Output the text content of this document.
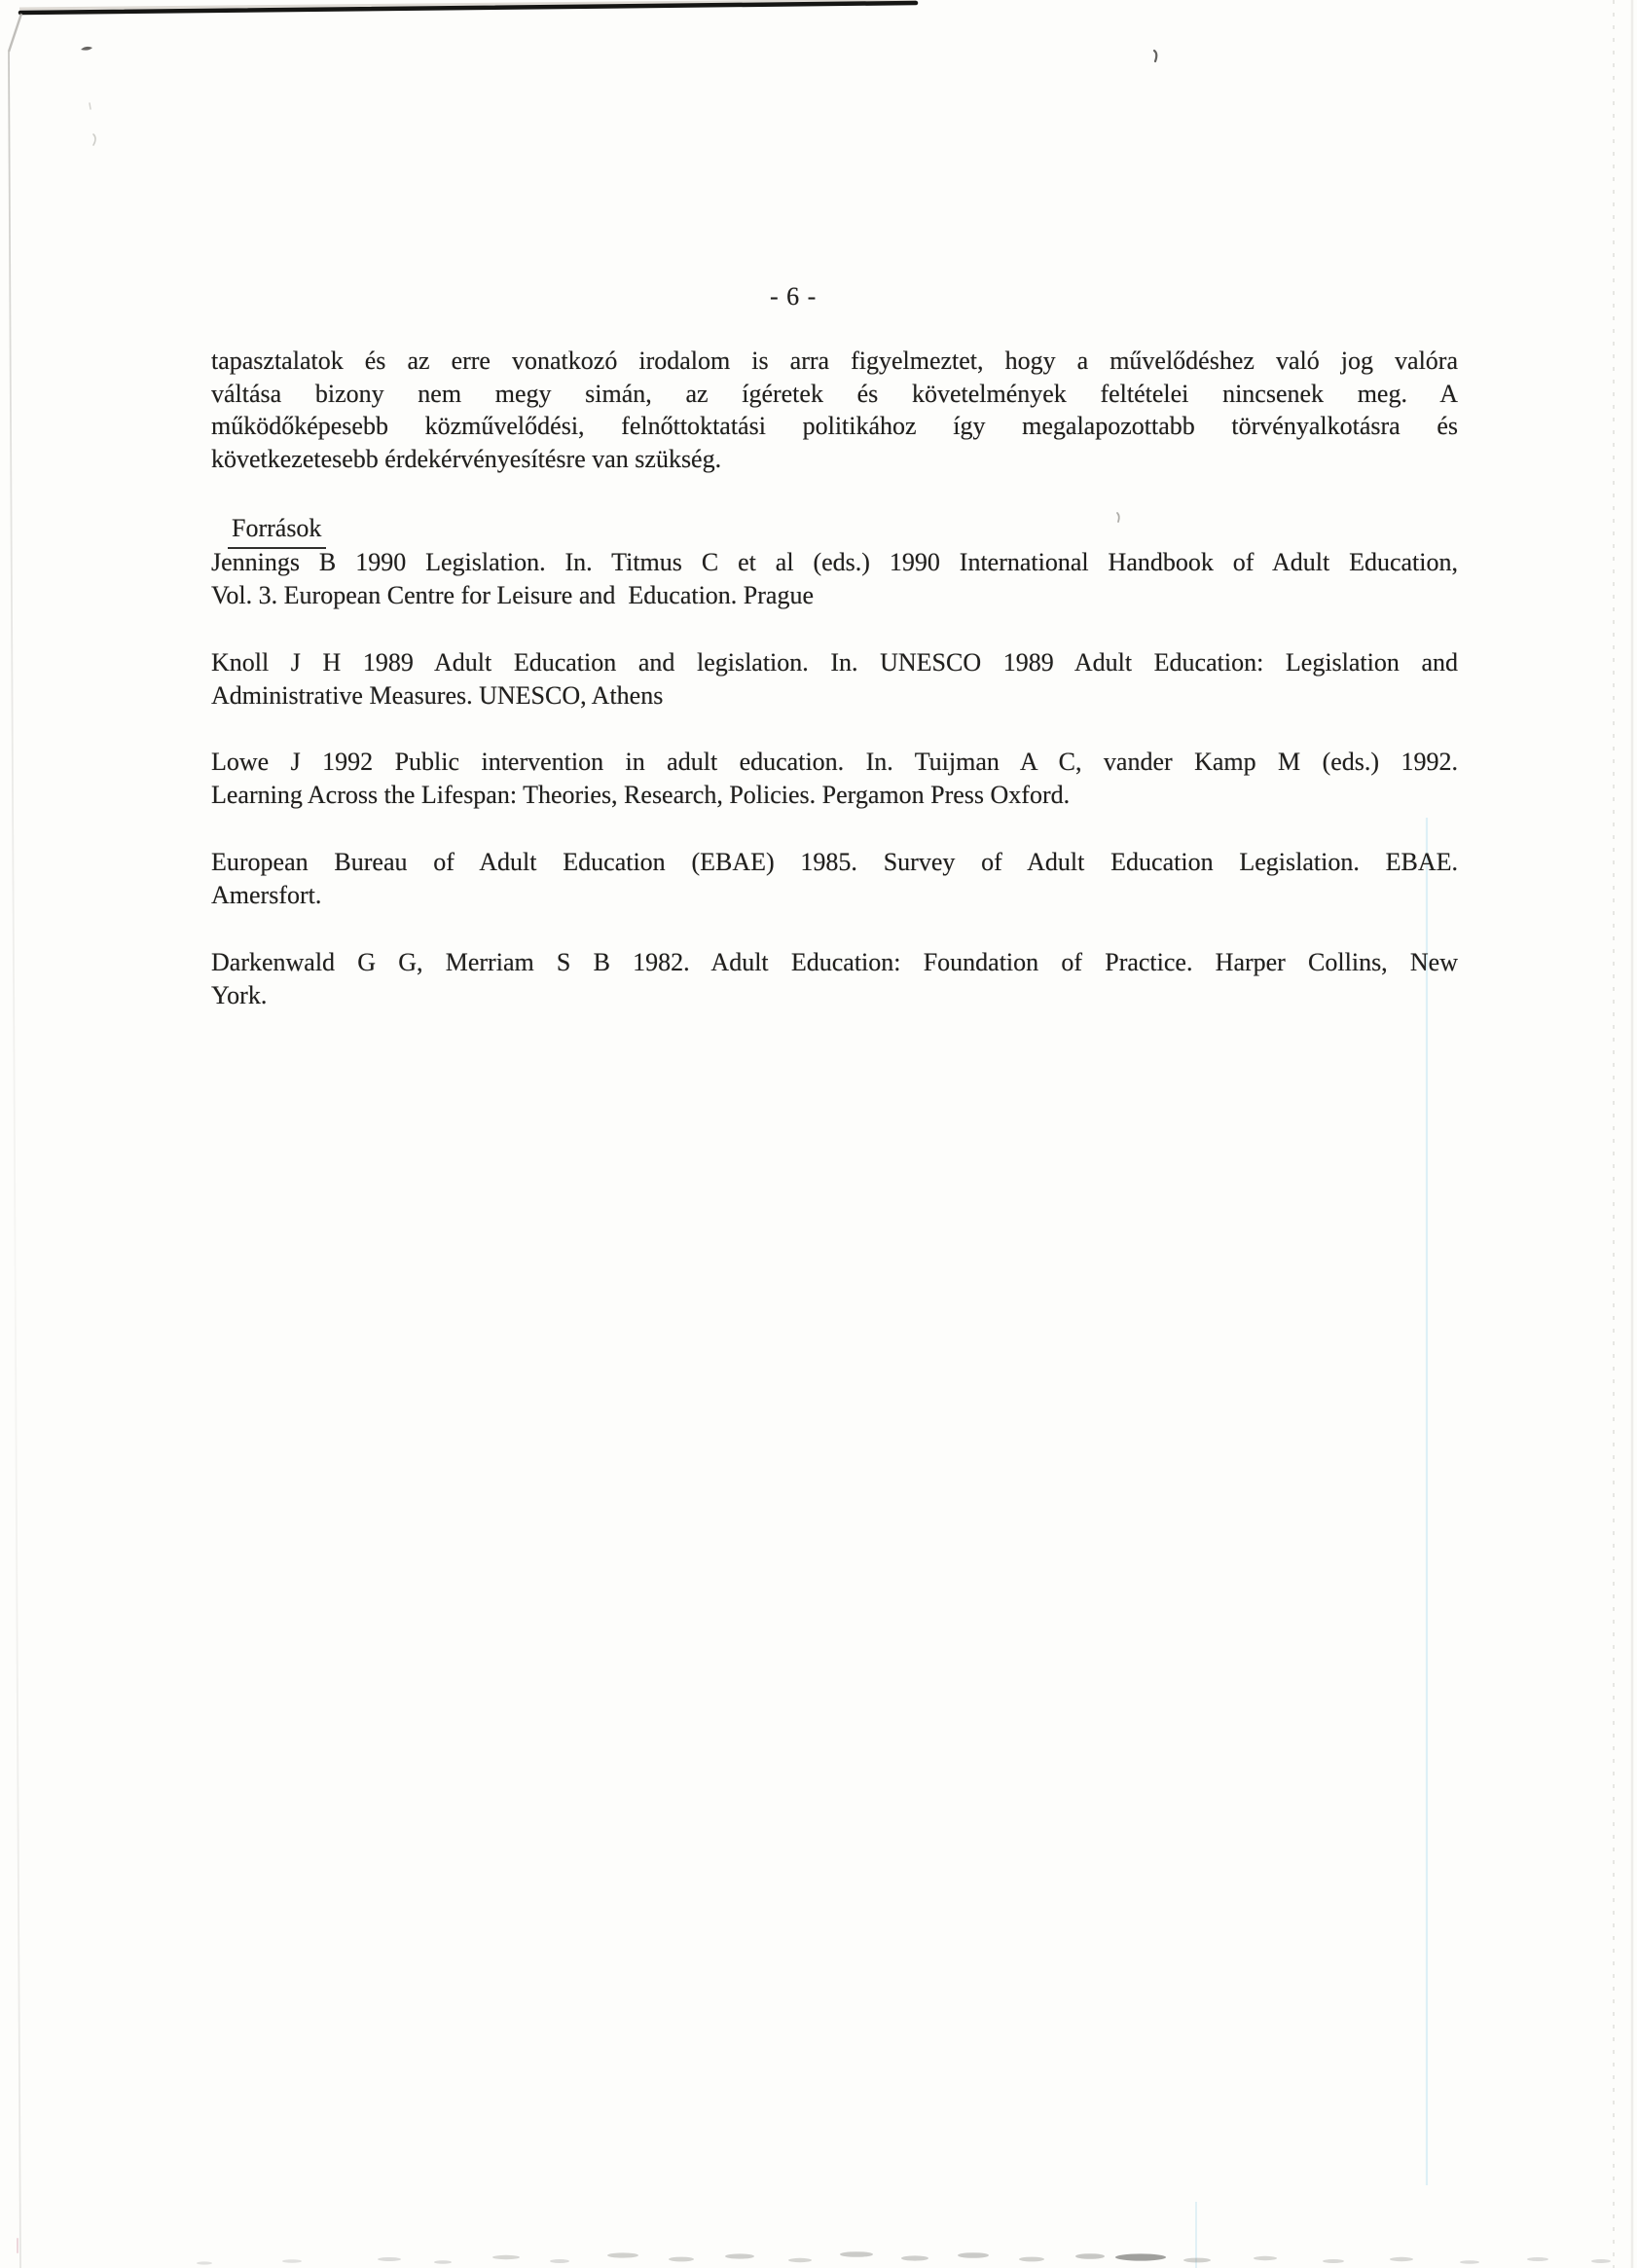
- 6 -
tapasztalatok és az erre vonatkozó irodalom is arra figyelmeztet, hogy a művelődéshez való jog valóra
váltása bizony nem megy simán, az ígéretek és követelmények feltételei nincsenek meg. A
működőképesebb közművelődési, felnőttoktatási politikához így megalapozottabb törvényalkotásra és
következetesebb érdekérvényesítésre van szükség.
Források
Jennings B 1990 Legislation. In. Titmus C et al (eds.) 1990 International Handbook of Adult Education,
Vol. 3. European Centre for Leisure and  Education. Prague
Knoll J H 1989 Adult Education and legislation. In. UNESCO 1989 Adult Education: Legislation and
Administrative Measures. UNESCO, Athens
Lowe J 1992 Public intervention in adult education. In. Tuijman A C, vander Kamp M (eds.) 1992.
Learning Across the Lifespan: Theories, Research, Policies. Pergamon Press Oxford.
European Bureau of Adult Education (EBAE) 1985. Survey of Adult Education Legislation. EBAE.
Amersfort.
Darkenwald G G, Merriam S B 1982. Adult Education: Foundation of Practice. Harper Collins, New
York.
